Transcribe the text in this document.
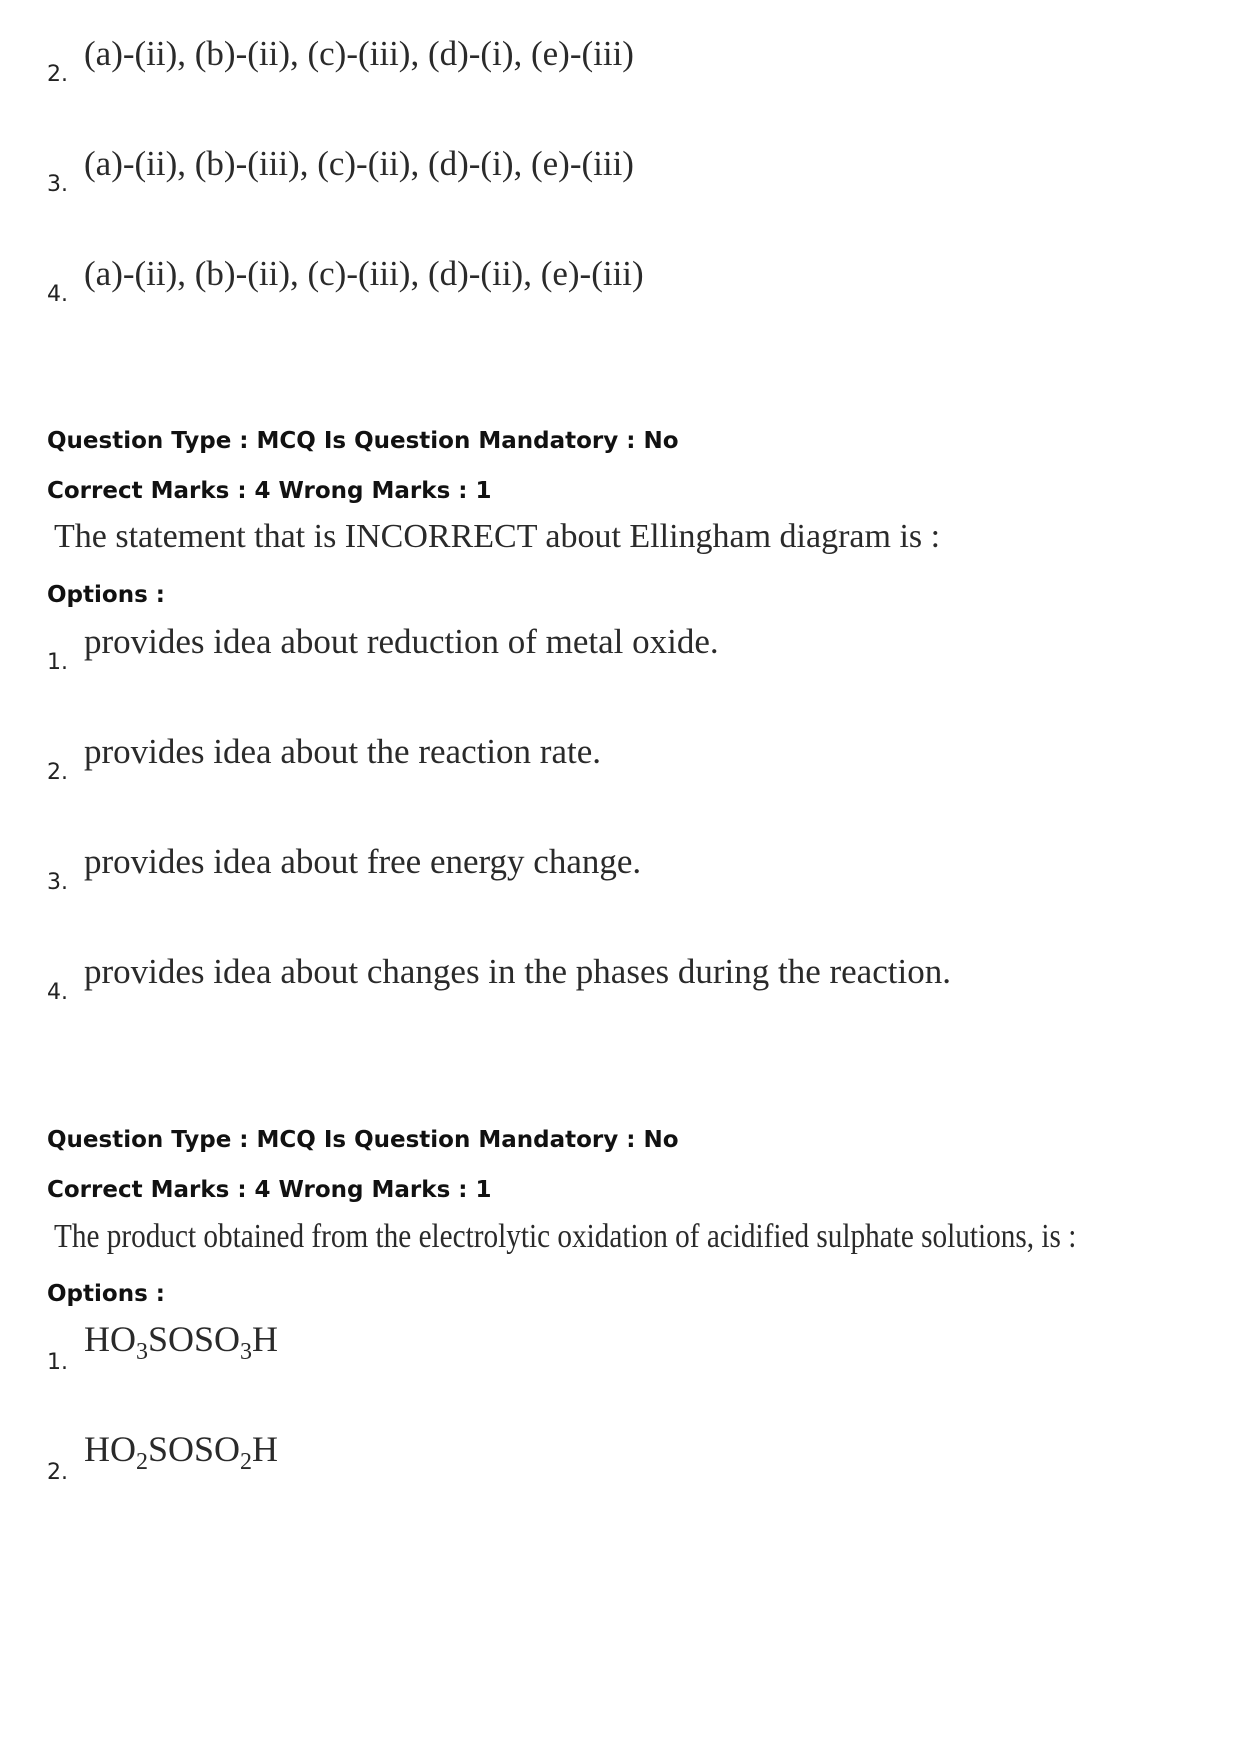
2.
(a)-(ii), (b)-(ii), (c)-(iii), (d)-(i), (e)-(iii)
3.
(a)-(ii), (b)-(iii), (c)-(ii), (d)-(i), (e)-(iii)
4.
(a)-(ii), (b)-(ii), (c)-(iii), (d)-(ii), (e)-(iii)
Question Type : MCQ Is Question Mandatory : No
Correct Marks : 4 Wrong Marks : 1
The statement that is INCORRECT about Ellingham diagram is :
Options :
1.
provides idea about reduction of metal oxide.
2.
provides idea about the reaction rate.
3.
provides idea about free energy change.
4.
provides idea about changes in the phases during the reaction.
Question Type : MCQ Is Question Mandatory : No
Correct Marks : 4 Wrong Marks : 1
The product obtained from the electrolytic oxidation of acidified sulphate solutions, is :
Options :
1.
$HO_3SOSO_3H$
2.
$HO_2SOSO_2H$
